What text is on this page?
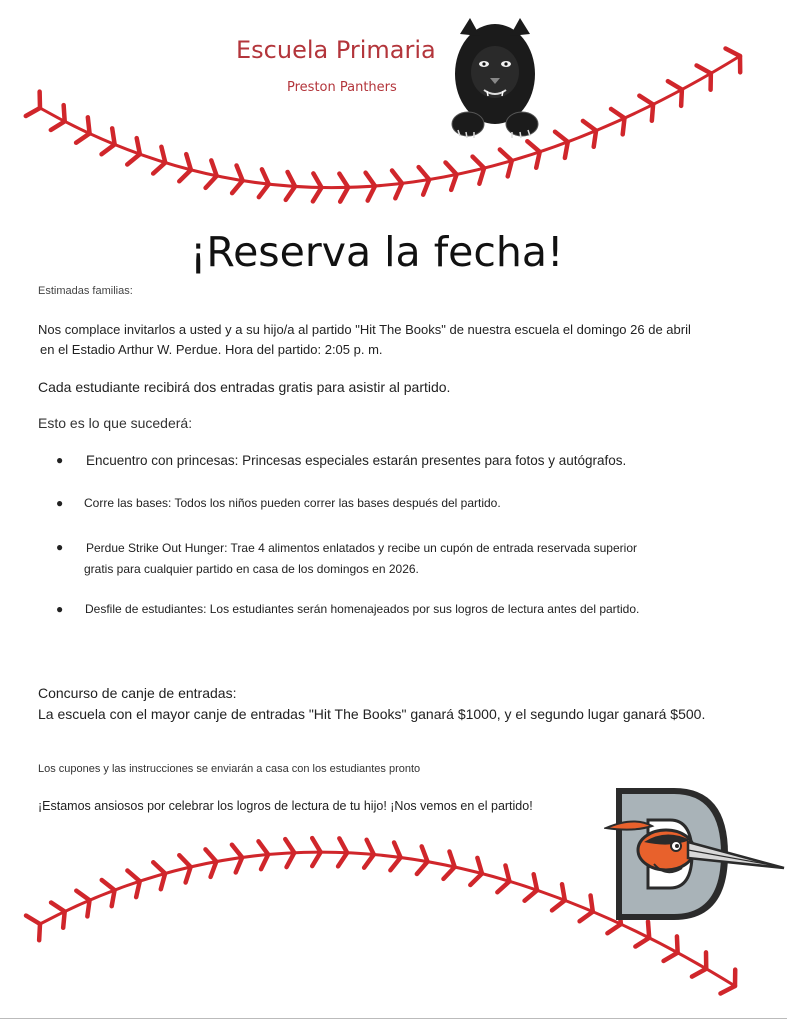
Escuela Primaria
Preston Panthers
¡Reserva la fecha!
Estimadas familias:
Nos complace invitarlos a usted y a su hijo/a al partido "Hit The Books" de nuestra escuela el domingo 26 de abril
en el Estadio Arthur W. Perdue. Hora del partido: 2:05 p. m.
Cada estudiante recibirá dos entradas gratis para asistir al partido.
Esto es lo que sucederá:
● Encuentro con princesas: Princesas especiales estarán presentes para fotos y autógrafos.
● Corre las bases: Todos los niños pueden correr las bases después del partido.
● Perdue Strike Out Hunger: Trae 4 alimentos enlatados y recibe un cupón de entrada reservada superior
gratis para cualquier partido en casa de los domingos en 2026.
● Desfile de estudiantes: Los estudiantes serán homenajeados por sus logros de lectura antes del partido.
Concurso de canje de entradas:
La escuela con el mayor canje de entradas "Hit The Books" ganará $1000, y el segundo lugar ganará $500.
Los cupones y las instrucciones se enviarán a casa con los estudiantes pronto
¡Estamos ansiosos por celebrar los logros de lectura de tu hijo! ¡Nos vemos en el partido!
